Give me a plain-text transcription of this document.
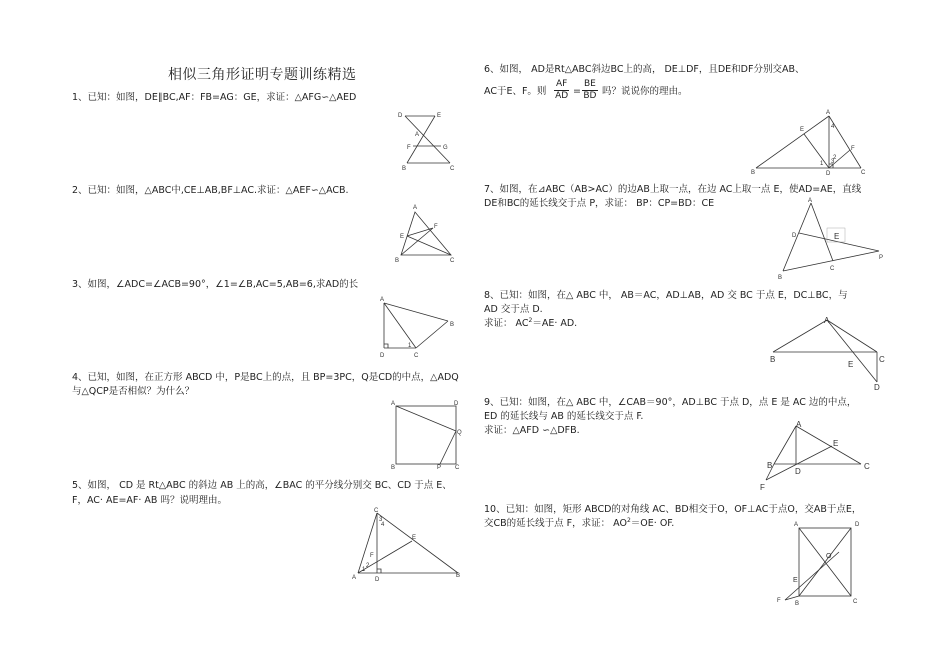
相似三角形证明专题训练精选
1、已知：如图，DE∥BC,AF：FB=AG：GE，求证：△AFG∽△AED
2、已知：如图，△ABC中,CE⊥AB,BF⊥AC.求证：△AEF∽△ACB.
3、如图，∠ADC=∠ACB=90°，∠1=∠B,AC=5,AB=6,求AD的长
4、已知，如图，在正方形 ABCD 中，P是BC上的点，且 BP=3PC，Q是CD的中点，△ADQ
与△QCP是否相似？为什么？
5、如图， CD 是 Rt△ABC 的斜边 AB 上的高，∠BAC 的平分线分别交 BC、CD 于点 E、
F，AC· AE=AF· AB 吗？说明理由。
6、如图， AD是Rt△ABC斜边BC上的高， DE⊥DF，且DE和DF分别交AB、
AC于E、F。则 $\frac{AF}{AD} = \frac{BE}{BD}$ 吗？说说你的理由。
7、如图，在⊿ABC（AB>AC）的边AB上取一点，在边 AC上取一点 E，使AD=AE，直线
DE和BC的延长线交于点 P，求证： BP：CP=BD：CE
8、已知：如图，在△ ABC 中， AB＝AC，AD⊥AB，AD 交 BC 于点 E，DC⊥BC，与
AD 交于点 D.
求证： $AC^2=AE\cdot$ AD.
9、已知：如图，在△ ABC 中，∠CAB＝90°，AD⊥BC 于点 D，点 E 是 AC 边的中点，
ED 的延长线与 AB 的延长线交于点 F.
求证：△AFD ∽△DFB.
10、已知：如图，矩形 ABCD的对角线 AC、BD相交于O，OF⊥AC于点O，交AB于点E，
交CB的延长线于点 F，求证： $AO^2=OE\cdot$ OF.
D	E
A
F	G
B	C
A
E
F
B	C
A
B
D	C
1
A	D
Q
B	P C
C
E
F
A	D
B
1
2
3
4
A
E
F
B	D	C
1
2
3
4
A
D	E
B
C
P
A
B
E
C
D
A
E
B
D
C
F
A	D
O
E
F B	C
